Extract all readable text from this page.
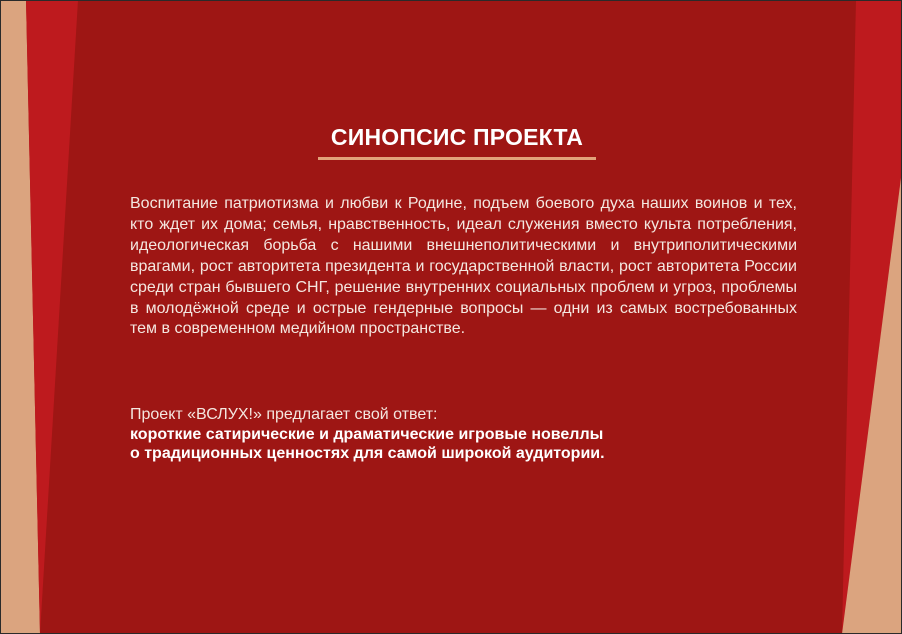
СИНОПСИС ПРОЕКТА
Воспитание патриотизма и любви к Родине, подъем боевого духа наших воинов и тех, кто ждет их дома; семья, нравственность, идеал служения вместо культа потребления, идеологическая борьба с нашими внешнеполитическими и внутриполитическими врагами, рост авторитета президента и государственной власти, рост авторитета России среди стран бывшего СНГ, решение внутренних социальных проблем и угроз, проблемы в молодёжной среде и острые гендерные вопросы — одни из самых востребованных тем в современном медийном пространстве.
Проект «ВСЛУХ!» предлагает свой ответ:
короткие сатирические и драматические игровые новеллы
о традиционных ценностях для самой широкой аудитории.
